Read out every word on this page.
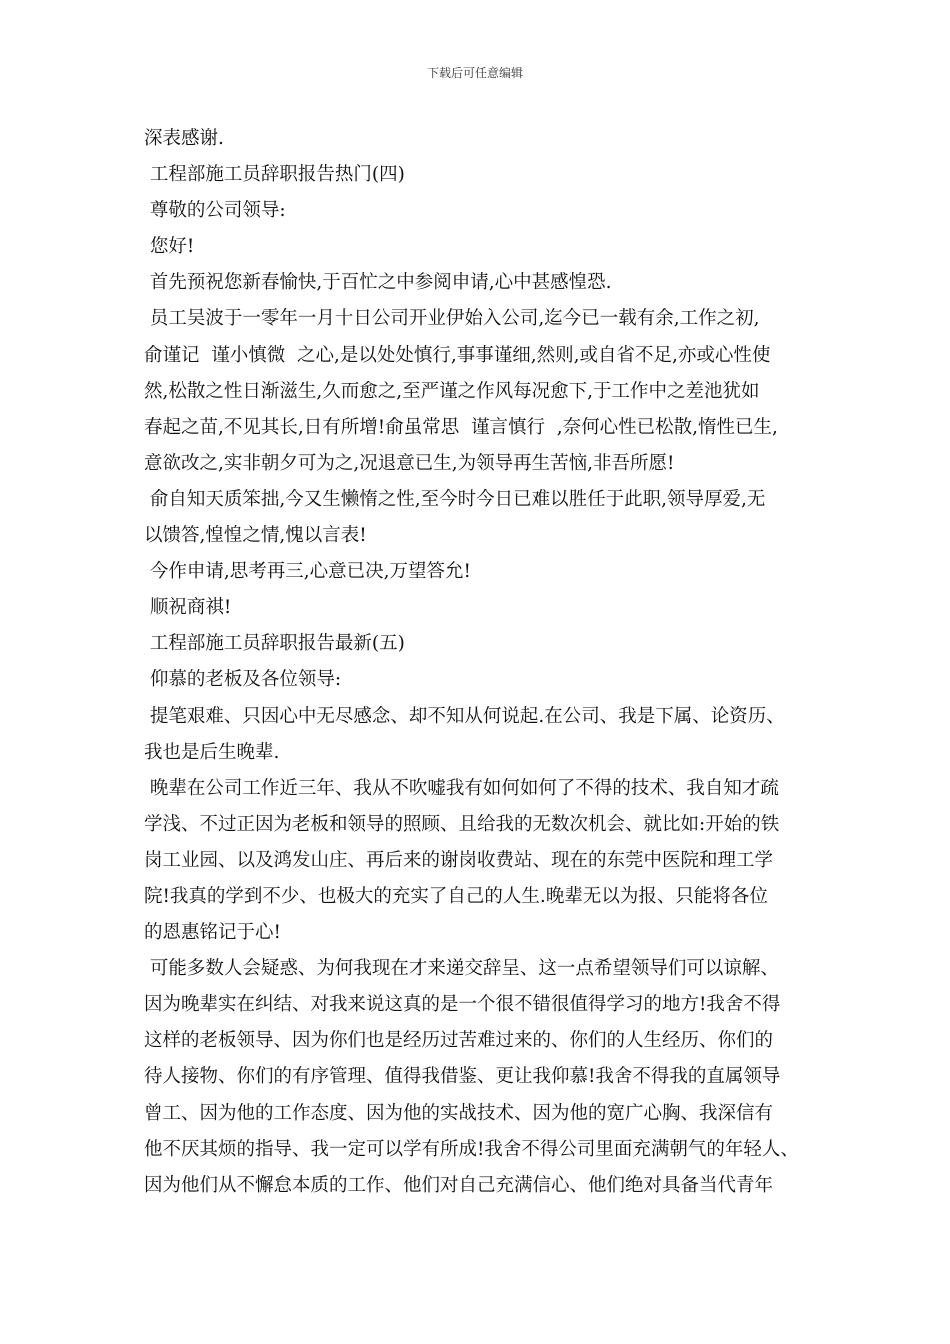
下载后可任意编辑
深表感谢.
工程部施工员辞职报告热门(四)
尊敬的公司领导:
您好!
首先预祝您新春愉快,于百忙之中参阅申请,心中甚感惶恐.
员工吴波于一零年一月十日公司开业伊始入公司,迄今已一载有余,工作之初,
俞谨记  谨小慎微  之心,是以处处慎行,事事谨细,然则,或自省不足,亦或心性使
然,松散之性日渐滋生,久而愈之,至严谨之作风每况愈下,于工作中之差池犹如
春起之苗,不见其长,日有所增!俞虽常思  谨言慎行  ,奈何心性已松散,惰性已生,
意欲改之,实非朝夕可为之,况退意已生,为领导再生苦恼,非吾所愿!
俞自知天质笨拙,今又生懒惰之性,至今时今日已难以胜任于此职,领导厚爱,无
以馈答,惶惶之情,愧以言表!
今作申请,思考再三,心意已决,万望答允!
顺祝商祺!
工程部施工员辞职报告最新(五)
仰慕的老板及各位领导:
提笔艰难、只因心中无尽感念、却不知从何说起.在公司、我是下属、论资历、
我也是后生晚辈.
晚辈在公司工作近三年、我从不吹嘘我有如何如何了不得的技术、我自知才疏
学浅、不过正因为老板和领导的照顾、且给我的无数次机会、就比如:开始的铁
岗工业园、以及鸿发山庄、再后来的谢岗收费站、现在的东莞中医院和理工学
院!我真的学到不少、也极大的充实了自己的人生.晚辈无以为报、只能将各位
的恩惠铭记于心!
可能多数人会疑惑、为何我现在才来递交辞呈、这一点希望领导们可以谅解、
因为晚辈实在纠结、对我来说这真的是一个很不错很值得学习的地方!我舍不得
这样的老板领导、因为你们也是经历过苦难过来的、你们的人生经历、你们的
待人接物、你们的有序管理、值得我借鉴、更让我仰慕!我舍不得我的直属领导
曾工、因为他的工作态度、因为他的实战技术、因为他的宽广心胸、我深信有
他不厌其烦的指导、我一定可以学有所成!我舍不得公司里面充满朝气的年轻人、
因为他们从不懈怠本质的工作、他们对自己充满信心、他们绝对具备当代青年
